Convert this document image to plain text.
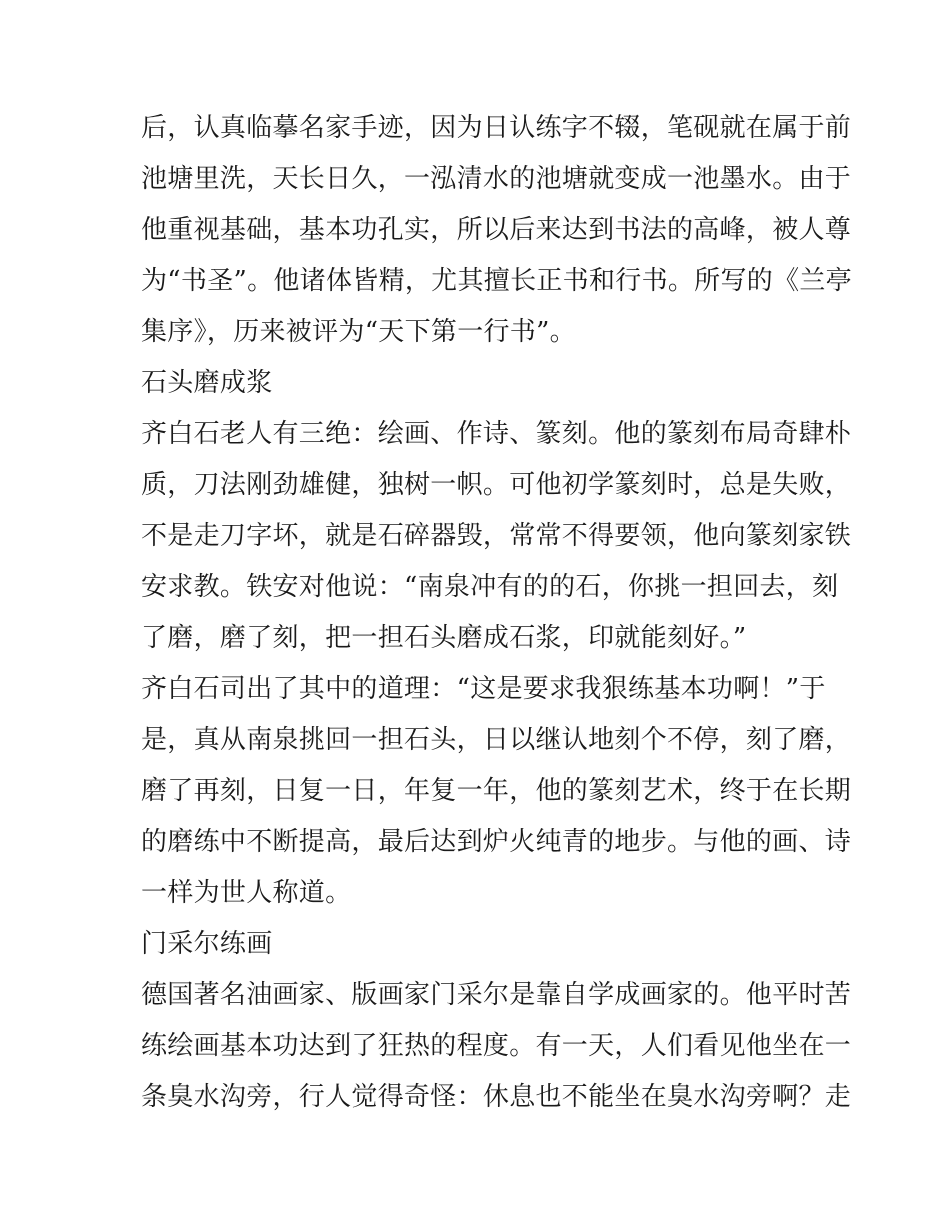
后，认真临摹名家手迹，因为日认练字不辍，笔砚就在属于前
池塘里洗，天长日久，一泓清水的池塘就变成一池墨水。由于
他重视基础，基本功孔实，所以后来达到书法的高峰，被人尊
为“书圣”。他诸体皆精，尤其擅长正书和行书。所写的《兰亭
集序》，历来被评为“天下第一行书”。
石头磨成浆
齐白石老人有三绝：绘画、作诗、篆刻。他的篆刻布局奇肆朴
质，刀法刚劲雄健，独树一帜。可他初学篆刻时，总是失败，
不是走刀字坏，就是石碎器毁，常常不得要领，他向篆刻家铁
安求教。铁安对他说：“南泉冲有的的石，你挑一担回去，刻
了磨，磨了刻，把一担石头磨成石浆，印就能刻好。”
齐白石司出了其中的道理：“这是要求我狠练基本功啊！”于
是，真从南泉挑回一担石头，日以继认地刻个不停，刻了磨，
磨了再刻，日复一日，年复一年，他的篆刻艺术，终于在长期
的磨练中不断提高，最后达到炉火纯青的地步。与他的画、诗
一样为世人称道。
门采尔练画
德国著名油画家、版画家门采尔是靠自学成画家的。他平时苦
练绘画基本功达到了狂热的程度。有一天，人们看见他坐在一
条臭水沟旁，行人觉得奇怪：休息也不能坐在臭水沟旁啊？走
